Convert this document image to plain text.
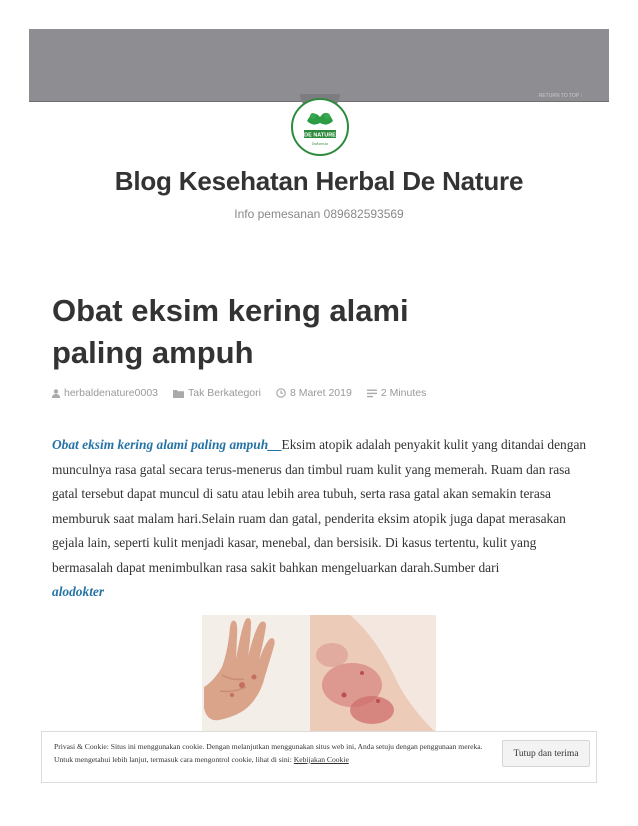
RETURN TO TOP ↑
DE NATURE
Indonesia
Blog Kesehatan Herbal De Nature
Info pemesanan 089682593569
Obat eksim kering alami
paling ampuh
herbaldenature0003	Tak Berkategori	8 Maret 2019	2 Minutes
Obat eksim kering alami paling ampuh__Eksim atopik adalah penyakit kulit yang ditandai dengan munculnya rasa gatal secara terus-menerus dan timbul ruam kulit yang memerah. Ruam dan rasa gatal tersebut dapat muncul di satu atau lebih area tubuh, serta rasa gatal akan semakin terasa memburuk saat malam hari.Selain ruam dan gatal, penderita eksim atopik juga dapat merasakan gejala lain, seperti kulit menjadi kasar, menebal, dan bersisik. Di kasus tertentu, kulit yang bermasalah dapat menimbulkan rasa sakit bahkan mengeluarkan darah.Sumber dari
alodokter
Privasi & Cookie: Situs ini menggunakan cookie. Dengan melanjutkan menggunakan situs web ini, Anda setuju dengan penggunaan mereka.
Untuk mengetahui lebih lanjut, termasuk cara mengontrol cookie, lihat di sini: Kebijakan Cookie
Tutup dan terima
